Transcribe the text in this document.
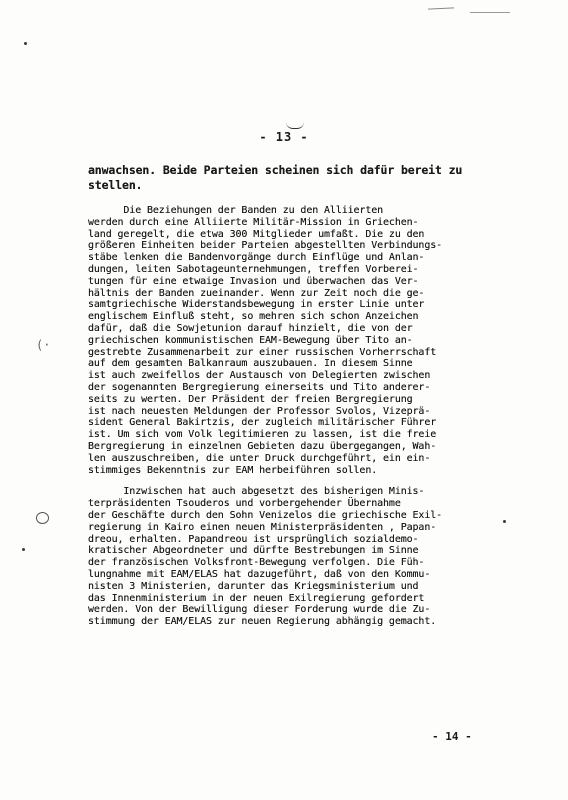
(·
- 13 -
anwachsen. Beide Parteien scheinen sich dafür bereit zu
stellen.
Die Beziehungen der Banden zu den Alliierten
werden durch eine Alliierte Militär-Mission in Griechen-
land geregelt, die etwa 300 Mitglieder umfaßt. Die zu den
größeren Einheiten beider Parteien abgestellten Verbindungs-
stäbe lenken die Bandenvorgänge durch Einflüge und Anlan-
dungen, leiten Sabotageunternehmungen, treffen Vorberei-
tungen für eine etwaige Invasion und überwachen das Ver-
hältnis der Banden zueinander. Wenn zur Zeit noch die ge-
samtgriechische Widerstandsbewegung in erster Linie unter
englischem Einfluß steht, so mehren sich schon Anzeichen
dafür, daß die Sowjetunion darauf hinzielt, die von der
griechischen kommunistischen EAM-Bewegung über Tito an-
gestrebte Zusammenarbeit zur einer russischen Vorherrschaft
auf dem gesamten Balkanraum auszubauen. In diesem Sinne
ist auch zweifellos der Austausch von Delegierten zwischen
der sogenannten Bergregierung einerseits und Tito anderer-
seits zu werten. Der Präsident der freien Bergregierung
ist nach neuesten Meldungen der Professor Svolos, Vizeprä-
sident General Bakirtzis, der zugleich militärischer Führer
ist. Um sich vom Volk legitimieren zu lassen, ist die freie
Bergregierung in einzelnen Gebieten dazu übergegangen, Wah-
len auszuschreiben, die unter Druck durchgeführt, ein ein-
stimmiges Bekenntnis zur EAM herbeiführen sollen.
Inzwischen hat auch abgesetzt des bisherigen Minis-
terpräsidenten Tsouderos und vorbergehender Übernahme
der Geschäfte durch den Sohn Venizelos die griechische Exil-
regierung in Kairo einen neuen Ministerpräsidenten , Papan-
dreou, erhalten. Papandreou ist ursprünglich sozialdemo-
kratischer Abgeordneter und dürfte Bestrebungen im Sinne
der französischen Volksfront-Bewegung verfolgen. Die Füh-
lungnahme mit EAM/ELAS hat dazugeführt, daß von den Kommu-
nisten 3 Ministerien, darunter das Kriegsministerium und
das Innenministerium in der neuen Exilregierung gefordert
werden. Von der Bewilligung dieser Forderung wurde die Zu-
stimmung der EAM/ELAS zur neuen Regierung abhängig gemacht.
- 14 -
